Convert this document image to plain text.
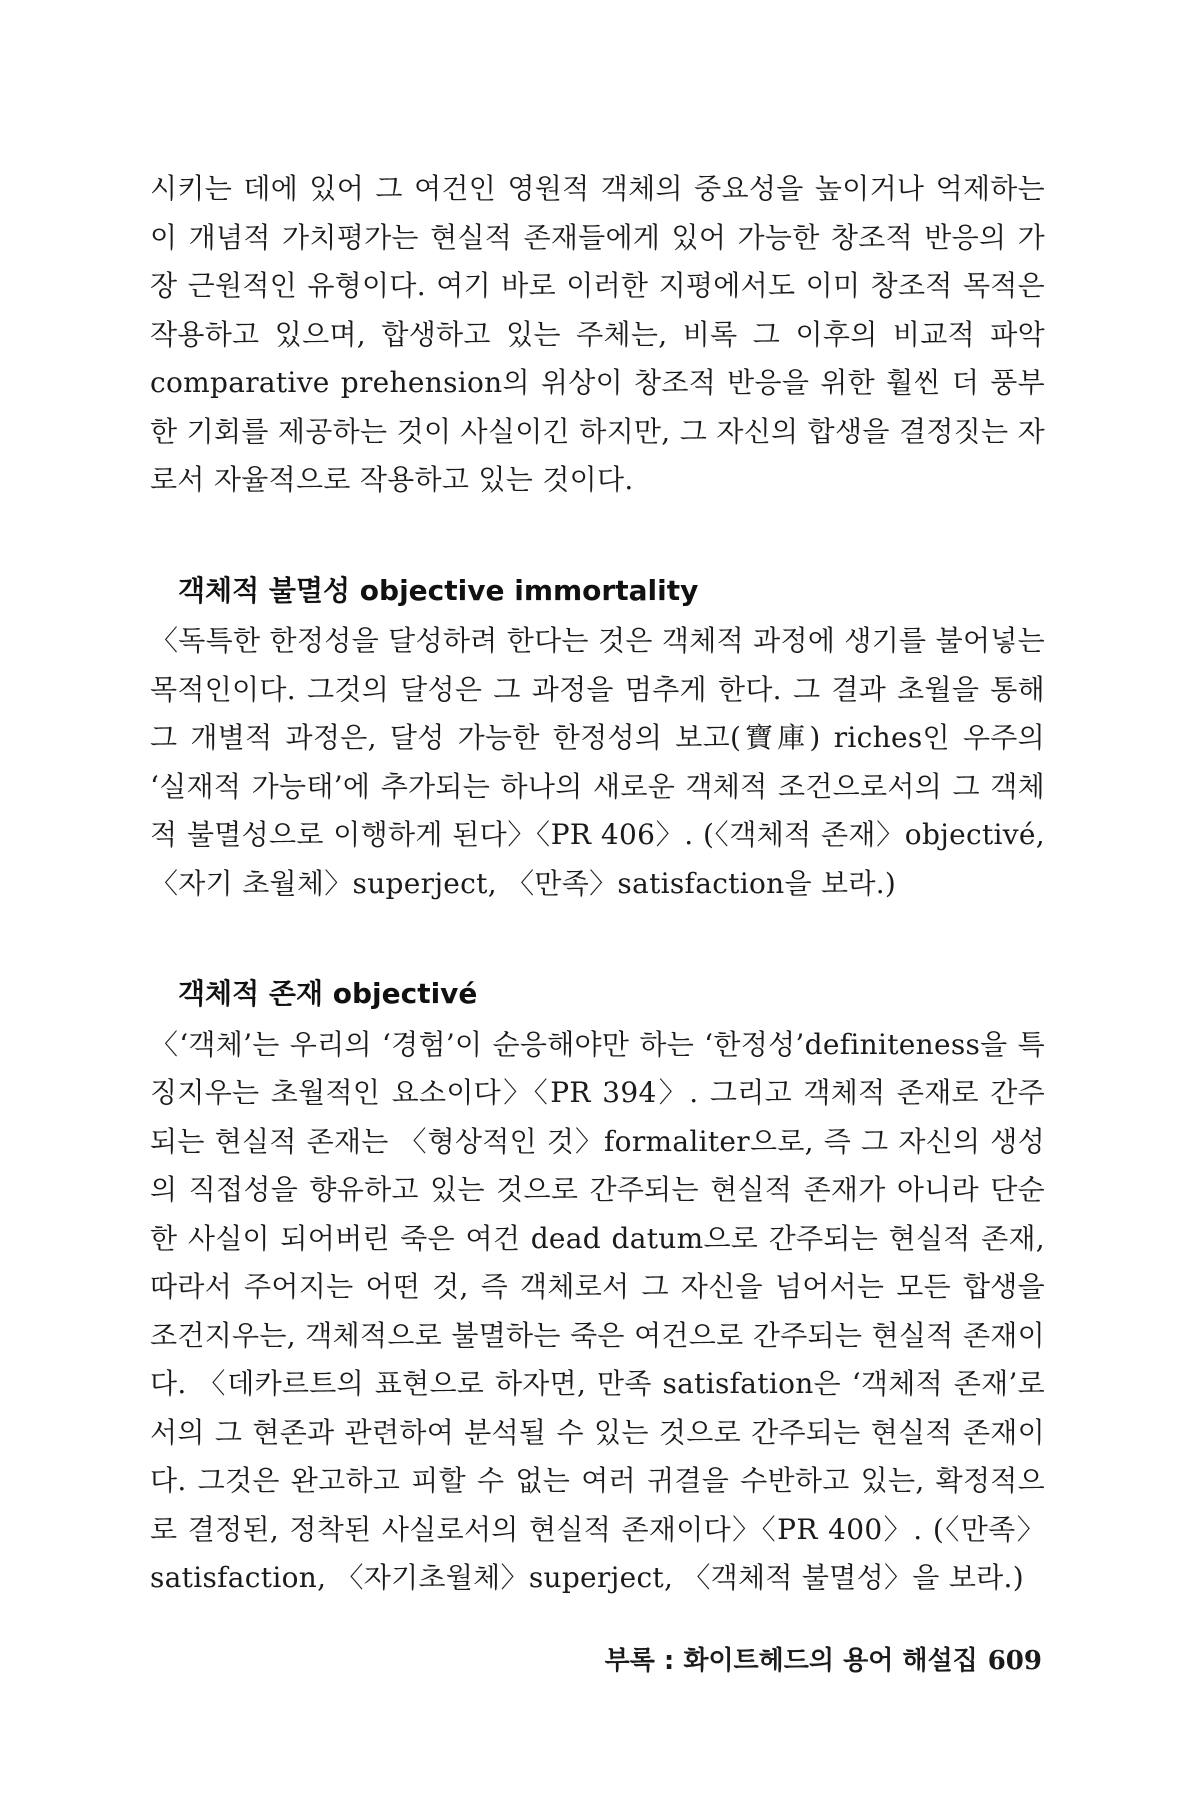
시키는 데에 있어 그 여건인 영원적 객체의 중요성을 높이거나 억제하는 이 개념적 가치평가는 현실적 존재들에게 있어 가능한 창조적 반응의 가장 근원적인 유형이다. 여기 바로 이러한 지평에서도 이미 창조적 목적은 작용하고 있으며, 합생하고 있는 주체는, 비록 그 이후의 비교적 파악 comparative prehension의 위상이 창조적 반응을 위한 훨씬 더 풍부한 기회를 제공하는 것이 사실이긴 하지만, 그 자신의 합생을 결정짓는 자로서 자율적으로 작용하고 있는 것이다.

객체적 불멸성 objective immortality

〈독특한 한정성을 달성하려 한다는 것은 객체적 과정에 생기를 불어넣는 목적인이다. 그것의 달성은 그 과정을 멈추게 한다. 그 결과 초월을 통해 그 개별적 과정은, 달성 가능한 한정성의 보고(寶庫) riches인 우주의 ‘실재적 가능태’에 추가되는 하나의 새로운 객체적 조건으로서의 그 객체적 불멸성으로 이행하게 된다〉〈PR 406〉. (〈객체적 존재〉objectivé, 〈자기 초월체〉superject, 〈만족〉satisfaction을 보라.)

객체적 존재 objectivé

〈‘객체’는 우리의 ‘경험’이 순응해야만 하는 ‘한정성’definiteness을 특징지우는 초월적인 요소이다〉〈PR 394〉. 그리고 객체적 존재로 간주되는 현실적 존재는 〈형상적인 것〉formaliter으로, 즉 그 자신의 생성의 직접성을 향유하고 있는 것으로 간주되는 현실적 존재가 아니라 단순한 사실이 되어버린 죽은 여건 dead datum으로 간주되는 현실적 존재, 따라서 주어지는 어떤 것, 즉 객체로서 그 자신을 넘어서는 모든 합생을 조건지우는, 객체적으로 불멸하는 죽은 여건으로 간주되는 현실적 존재이다. 〈데카르트의 표현으로 하자면, 만족 satisfation은 ‘객체적 존재’로서의 그 현존과 관련하여 분석될 수 있는 것으로 간주되는 현실적 존재이다. 그것은 완고하고 피할 수 없는 여러 귀결을 수반하고 있는, 확정적으로 결정된, 정착된 사실로서의 현실적 존재이다〉〈PR 400〉. (〈만족〉satisfaction, 〈자기초월체〉superject, 〈객체적 불멸성〉을 보라.)

부록 : 화이트헤드의 용어 해설집 609
